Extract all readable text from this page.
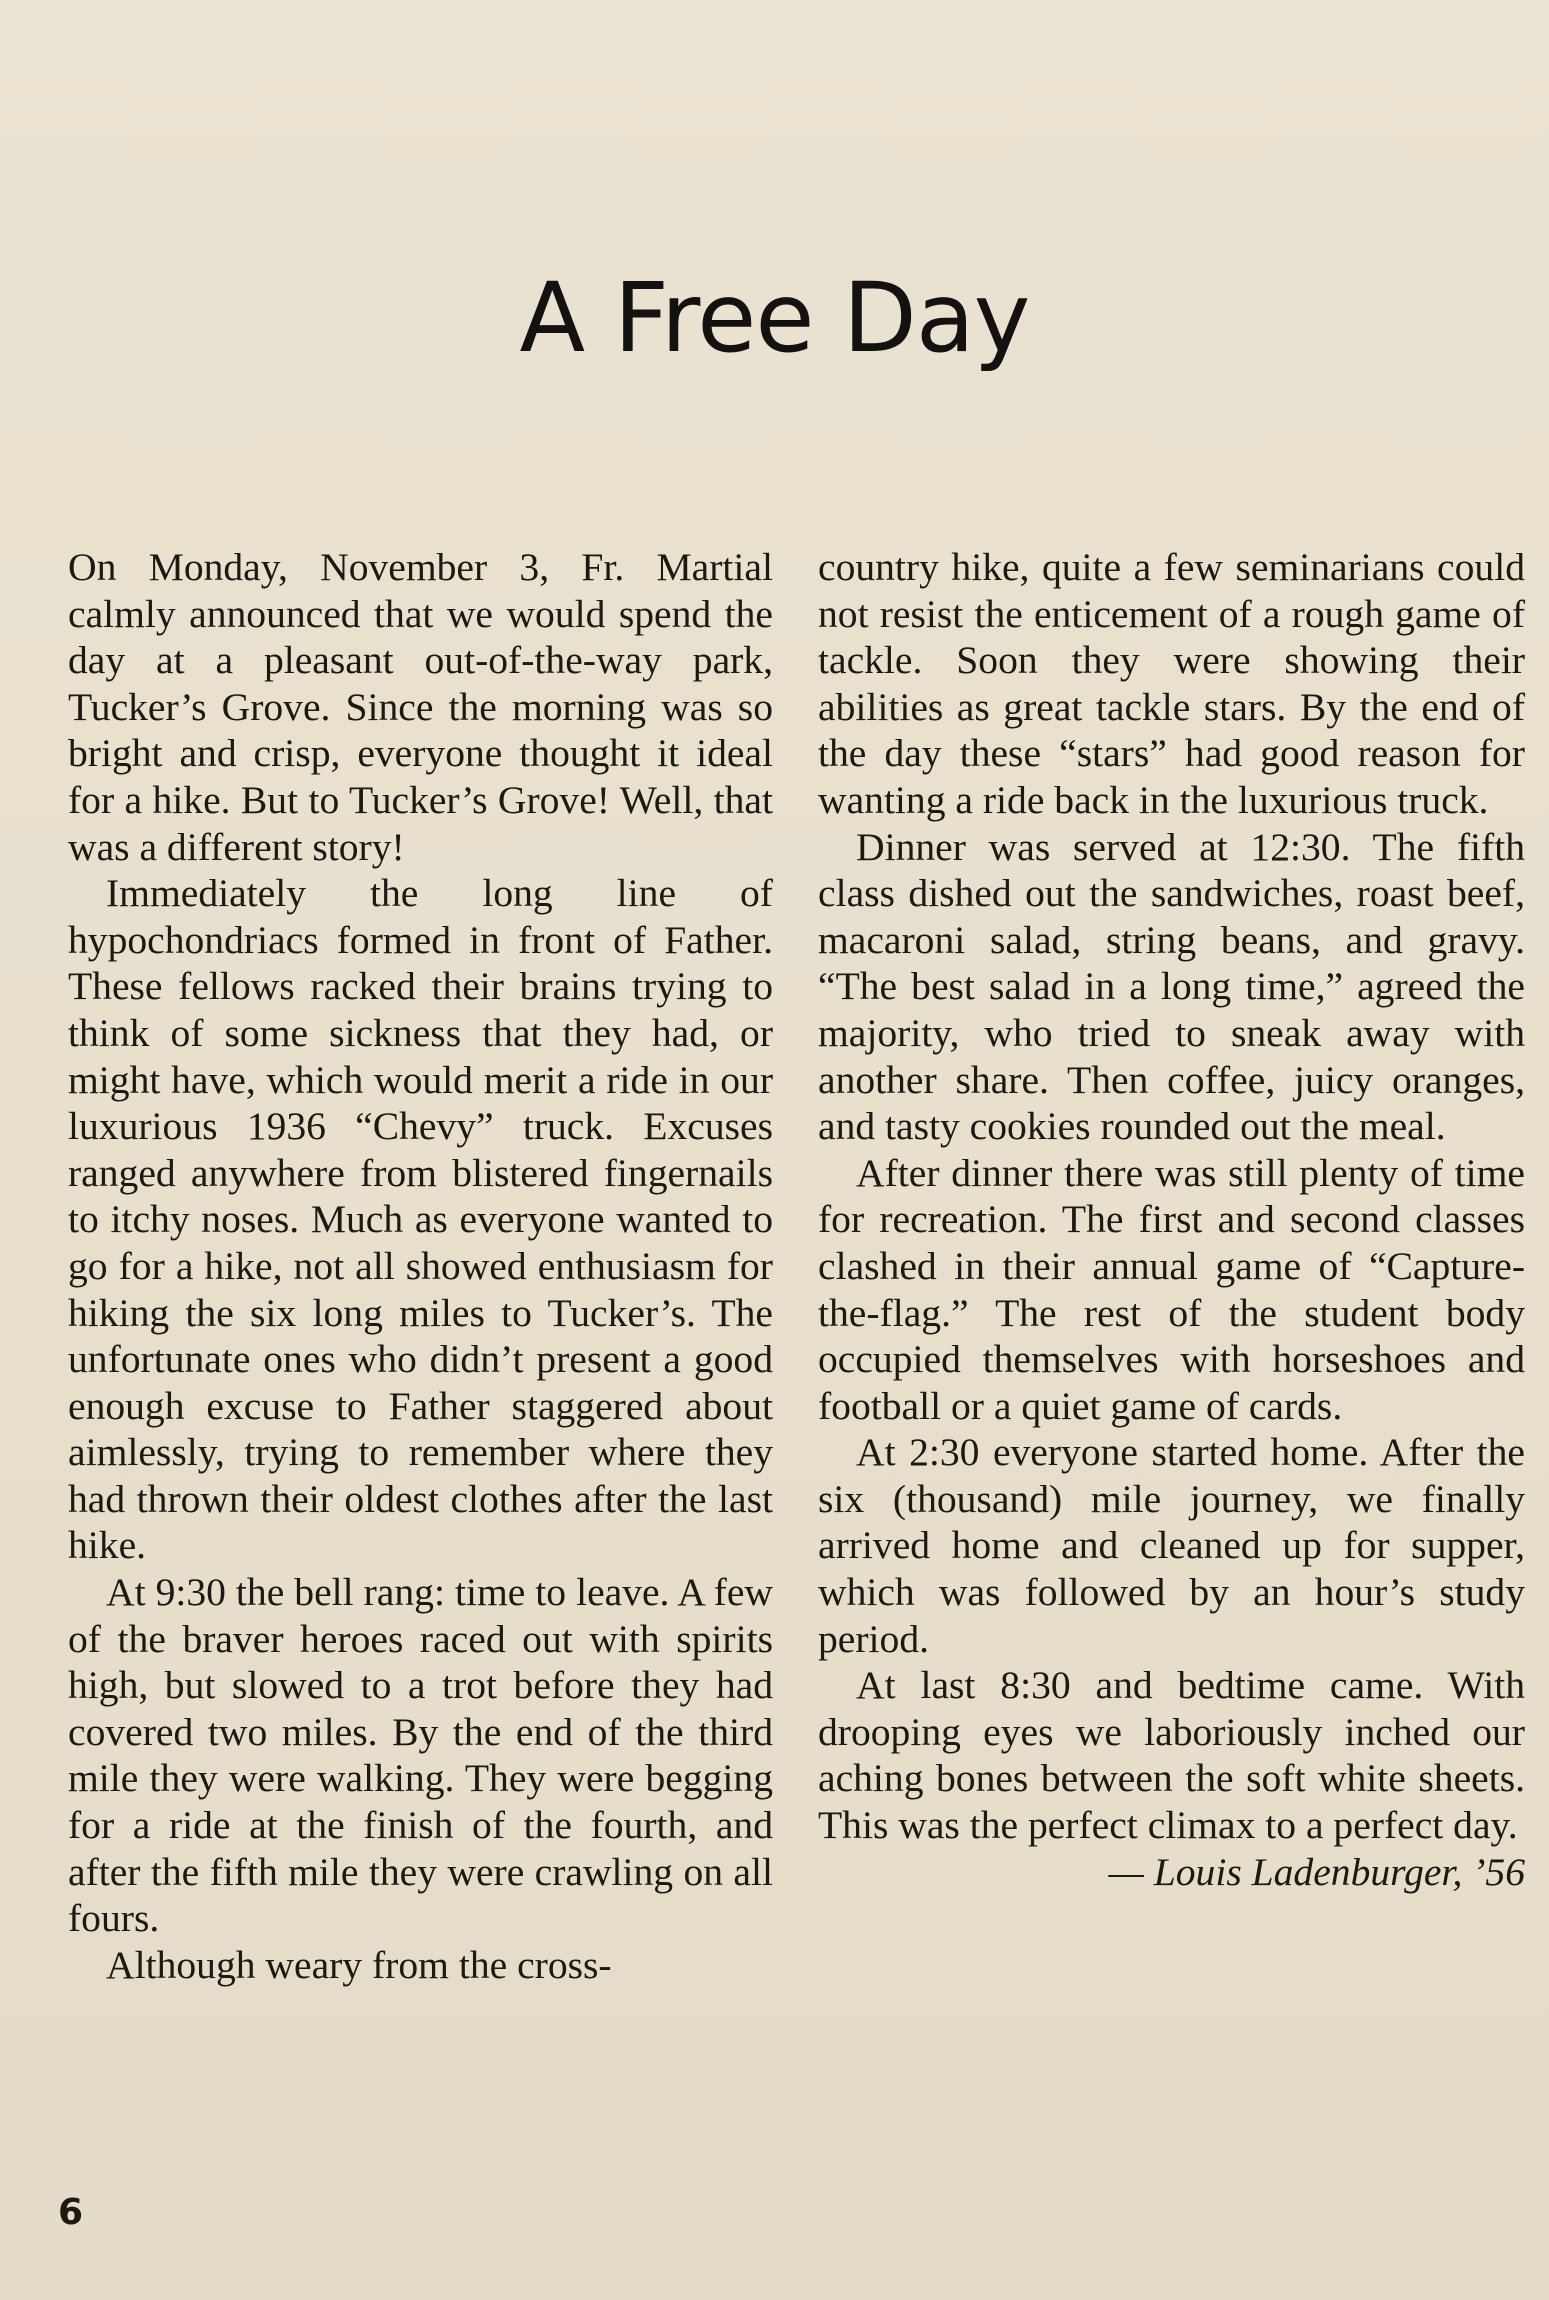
A Free Day

On Monday, November 3, Fr. Martial calmly announced that we would spend the day at a pleasant out-of-the-way park, Tucker’s Grove. Since the morning was so bright and crisp, everyone thought it ideal for a hike. But to Tucker’s Grove! Well, that was a different story!

Immediately the long line of hypochondriacs formed in front of Father. These fellows racked their brains trying to think of some sickness that they had, or might have, which would merit a ride in our luxurious 1936 “Chevy” truck. Excuses ranged anywhere from blistered fingernails to itchy noses. Much as everyone wanted to go for a hike, not all showed enthusiasm for hiking the six long miles to Tucker’s. The unfortunate ones who didn’t present a good enough excuse to Father staggered about aimlessly, trying to remember where they had thrown their oldest clothes after the last hike.

At 9:30 the bell rang: time to leave. A few of the braver heroes raced out with spirits high, but slowed to a trot before they had covered two miles. By the end of the third mile they were walking. They were begging for a ride at the finish of the fourth, and after the fifth mile they were crawling on all fours.

Although weary from the cross-

country hike, quite a few seminarians could not resist the enticement of a rough game of tackle. Soon they were showing their abilities as great tackle stars. By the end of the day these “stars” had good reason for wanting a ride back in the luxurious truck.

Dinner was served at 12:30. The fifth class dished out the sandwiches, roast beef, macaroni salad, string beans, and gravy. “The best salad in a long time,” agreed the majority, who tried to sneak away with another share. Then coffee, juicy oranges, and tasty cookies rounded out the meal.

After dinner there was still plenty of time for recreation. The first and second classes clashed in their annual game of “Capture-the-flag.” The rest of the student body occupied themselves with horseshoes and football or a quiet game of cards.

At 2:30 everyone started home. After the six (thousand) mile journey, we finally arrived home and cleaned up for supper, which was followed by an hour’s study period.

At last 8:30 and bedtime came. With drooping eyes we laboriously inched our aching bones between the soft white sheets. This was the perfect climax to a perfect day.

— Louis Ladenburger, ’56

6
